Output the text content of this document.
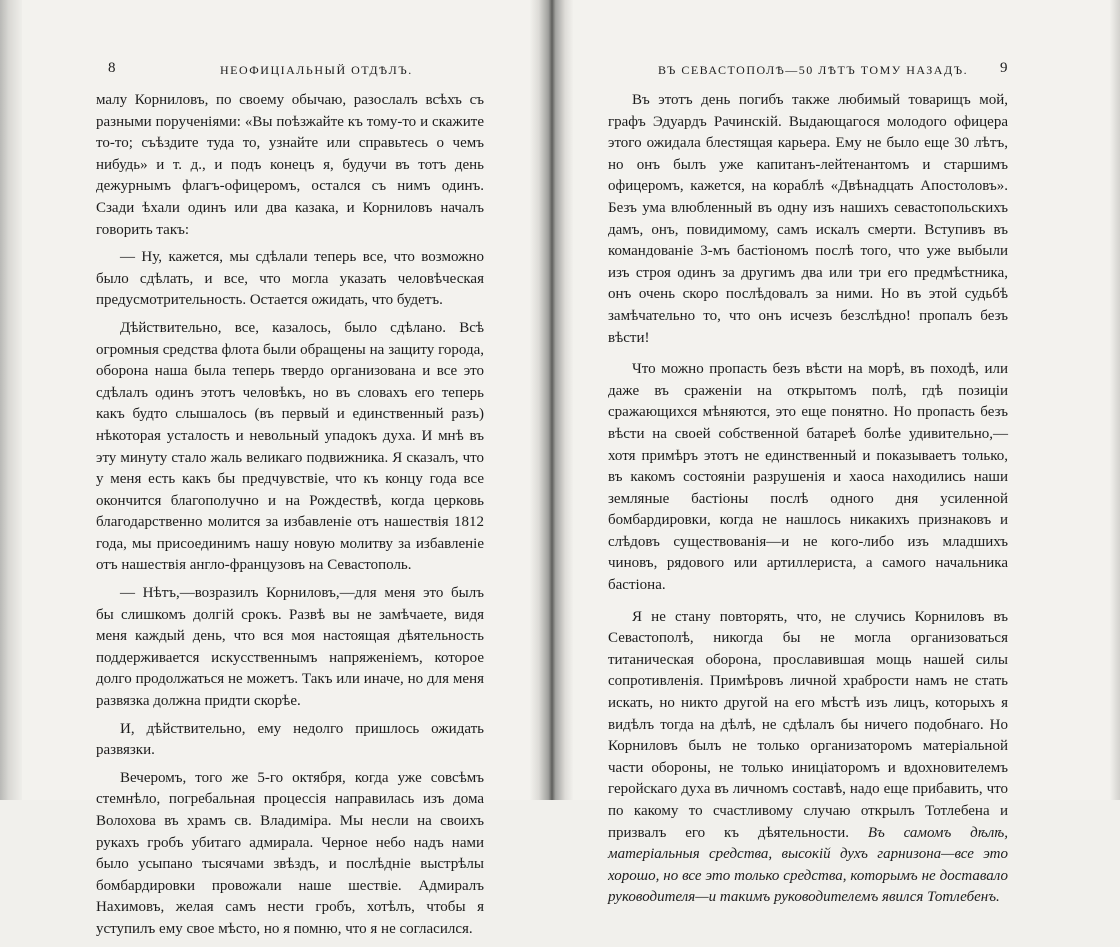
8	НЕОФИЦІАЛЬНЫЙ ОТДѢЛЪ.

малу Корниловъ, по своему обычаю, разослалъ всѣхъ съ разными порученіями: «Вы поѣзжайте къ тому-то и скажите то-то; съѣздите туда то, узнайте или справьтесь о чемъ нибудь» и т. д., и подъ конецъ я, будучи въ тотъ день дежурнымъ флагъ-офицеромъ, остался съ нимъ одинъ. Сзади ѣхали одинъ или два казака, и Корниловъ началъ говорить такъ:

— Ну, кажется, мы сдѣлали теперь все, что возможно было сдѣлать, и все, что могла указать человѣческая предусмотрительность. Остается ожидать, что будетъ.

Дѣйствительно, все, казалось, было сдѣлано. Всѣ огромныя средства флота были обращены на защиту города, оборона наша была теперь твердо организована и все это сдѣлалъ одинъ этотъ человѣкъ, но въ словахъ его теперь какъ будто слышалось (въ первый и единственный разъ) нѣкоторая усталость и невольный упадокъ духа. И мнѣ въ эту минуту стало жаль великаго подвижника. Я сказалъ, что у меня есть какъ бы предчувствіе, что къ концу года все окончится благополучно и на Рождествѣ, когда церковь благодарственно молится за избавленіе отъ нашествія 1812 года, мы присоединимъ нашу новую молитву за избавленіе отъ нашествія англо-французовъ на Севастополь.

— Нѣтъ,—возразилъ Корниловъ,—для меня это былъ бы слишкомъ долгій срокъ. Развѣ вы не замѣчаете, видя меня каждый день, что вся моя настоящая дѣятельность поддерживается искусственнымъ напряженіемъ, которое долго продолжаться не можетъ. Такъ или иначе, но для меня развязка должна придти скорѣе.

И, дѣйствительно, ему недолго пришлось ожидать развязки.

Вечеромъ, того же 5-го октября, когда уже совсѣмъ стемнѣло, погребальная процессія направилась изъ дома Волохова въ храмъ св. Владиміра. Мы несли на своихъ рукахъ гробъ убитаго адмирала. Черное небо надъ нами было усыпано тысячами звѣздъ, и послѣдніе выстрѣлы бомбардировки провожали наше шествіе. Адмиралъ Нахимовъ, желая самъ нести гробъ, хотѣлъ, чтобы я уступилъ ему свое мѣсто, но я помню, что я не согласился.

ВЪ СЕВАСТОПОЛѢ—50 ЛѢТЪ ТОМУ НАЗАДЪ. 9

Въ этотъ день погибъ также любимый товарищъ мой, графъ Эдуардъ Рачинскій. Выдающагося молодого офицера этого ожидала блестящая карьера. Ему не было еще 30 лѣтъ, но онъ былъ уже капитанъ-лейтенантомъ и старшимъ офицеромъ, кажется, на кораблѣ «Двѣнадцать Апостоловъ». Безъ ума влюбленный въ одну изъ нашихъ севастопольскихъ дамъ, онъ, повидимому, самъ искалъ смерти. Вступивъ въ командованіе 3-мъ бастіономъ послѣ того, что уже выбыли изъ строя одинъ за другимъ два или три его предмѣстника, онъ очень скоро послѣдовалъ за ними. Но въ этой судьбѣ замѣчательно то, что онъ исчезъ безслѣдно! пропалъ безъ вѣсти!

Что можно пропасть безъ вѣсти на морѣ, въ походѣ, или даже въ сраженіи на открытомъ полѣ, гдѣ позиціи сражающихся мѣняются, это еще понятно. Но пропасть безъ вѣсти на своей собственной батареѣ болѣе удивительно,—хотя примѣръ этотъ не единственный и показываетъ только, въ какомъ состояніи разрушенія и хаоса находились наши земляные бастіоны послѣ одного дня усиленной бомбардировки, когда не нашлось никакихъ признаковъ и слѣдовъ существованія—и не кого-либо изъ младшихъ чиновъ, рядового или артиллериста, а самого начальника бастіона.

Я не стану повторять, что, не случись Корниловъ въ Севастополѣ, никогда бы не могла организоваться титаническая оборона, прославившая мощь нашей силы сопротивленія. Примѣровъ личной храбрости намъ не стать искать, но никто другой на его мѣстѣ изъ лицъ, которыхъ я видѣлъ тогда на дѣлѣ, не сдѣлалъ бы ничего подобнаго. Но Корниловъ былъ не только организаторомъ матеріальной части обороны, не только иниціаторомъ и вдохновителемъ геройскаго духа въ личномъ составѣ, надо еще прибавить, что по какому то счастливому случаю открылъ Тотлебена и призвалъ его къ дѣятельности. Въ самомъ дѣлѣ, матеріальныя средства, высокій духъ гарнизона—все это хорошо, но все это только средства, которымъ не доставало руководителя—и такимъ руководителемъ явился Тотлебенъ.
